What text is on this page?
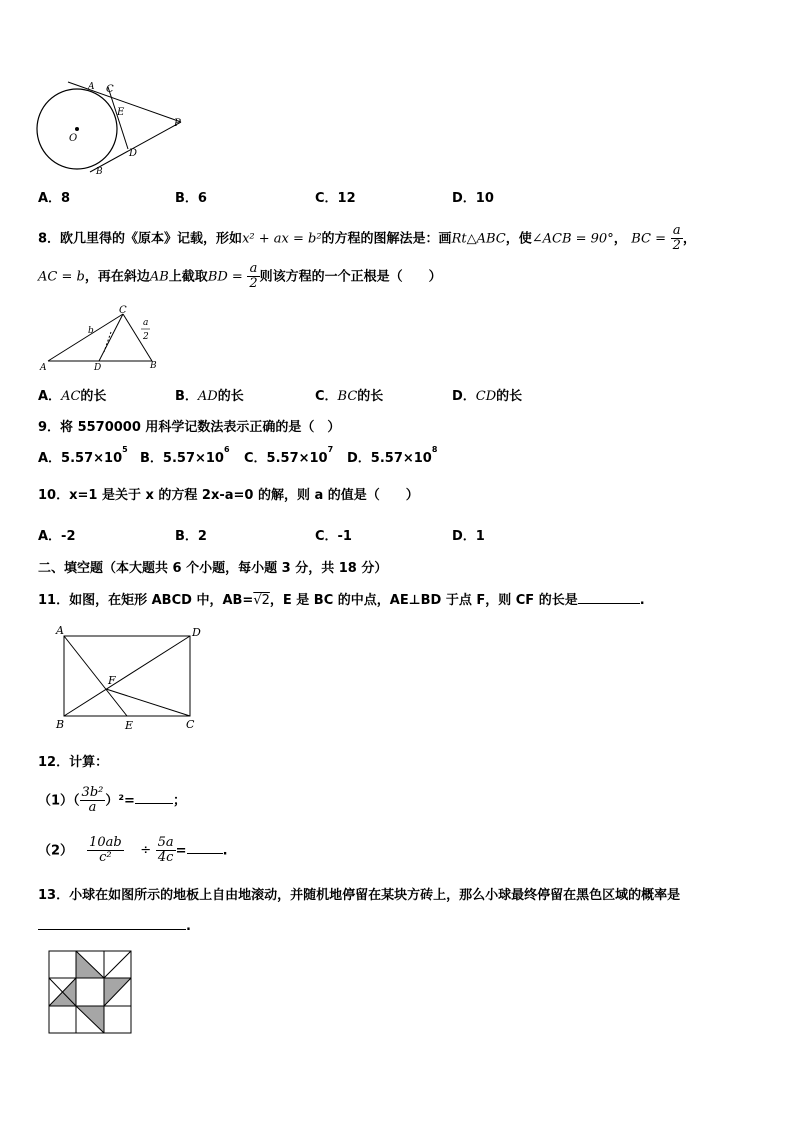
A C
E
O
P
D
B
A．8	B．6	C．12	D．10
8．欧几里得的《原本》记载，形如x² + ax = b²的方程的图解法是：画Rt△ABC，使∠ACB = 90°， BC = $\frac{a}{2}$ ，
AC = b，再在斜边AB上截取BD = $\frac{a}{2}$ 则该方程的一个正根是（　　）
C
b
a
2
A	D	B
A．AC的长	B．AD的长	C．BC的长	D．CD的长
9．将 5570000 用科学记数法表示正确的是（　）
A．$5.57\times 10^5$
B．$5.57\times 10^6$
C．$5.57\times 10^7$
D．$5.57\times 10^8$
10．x=1 是关于 x 的方程 2x-a=0 的解，则 a 的值是（　　）
A．-2	B．2	C．-1	D．1
二、填空题（本大题共 6 个小题，每小题 3 分，共 18 分）
11．如图，在矩形 ABCD 中，AB=√2，E 是 BC 的中点，AE⊥BD 于点 F，则 CF 的长是	.
A	D
F
B	E	C
12．计算：
$(1)( \frac{\text{3b²}}{a} )^2=$	；
$(2) \frac{10ab}{\text{c²}} \div \frac{5a}{4c}$ =	.
13．小球在如图所示的地板上自由地滚动，并随机地停留在某块方砖上，那么小球最终停留在黑色区域的概率是
.
